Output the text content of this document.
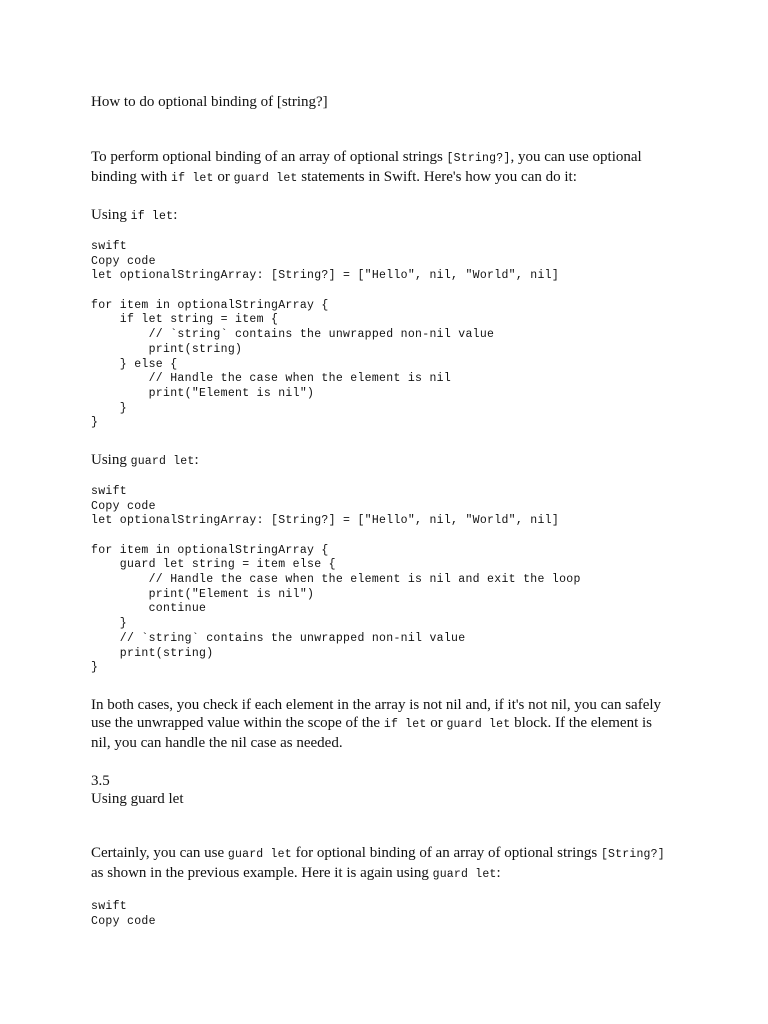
How to do optional binding of [string?]

To perform optional binding of an array of optional strings [String?], you can use optional

binding with if let or guard let statements in Swift. Here's how you can do it:

Using if let:

swift
Copy code
let optionalStringArray: [String?] = ["Hello", nil, "World", nil]

for item in optionalStringArray {
if let string = item {
// `string` contains the unwrapped non-nil value
print(string)
} else {
// Handle the case when the element is nil
print("Element is nil")
}
}

Using guard let:

swift
Copy code
let optionalStringArray: [String?] = ["Hello", nil, "World", nil]

for item in optionalStringArray {
guard let string = item else {
// Handle the case when the element is nil and exit the loop
print("Element is nil")
continue
}
// `string` contains the unwrapped non-nil value
print(string)
}

In both cases, you check if each element in the array is not nil and, if it's not nil, you can safely

use the unwrapped value within the scope of the if let or guard let block. If the element is

nil, you can handle the nil case as needed.

3.5

Using guard let

Certainly, you can use guard let for optional binding of an array of optional strings [String?]

as shown in the previous example. Here it is again using guard let:

swift
Copy code
